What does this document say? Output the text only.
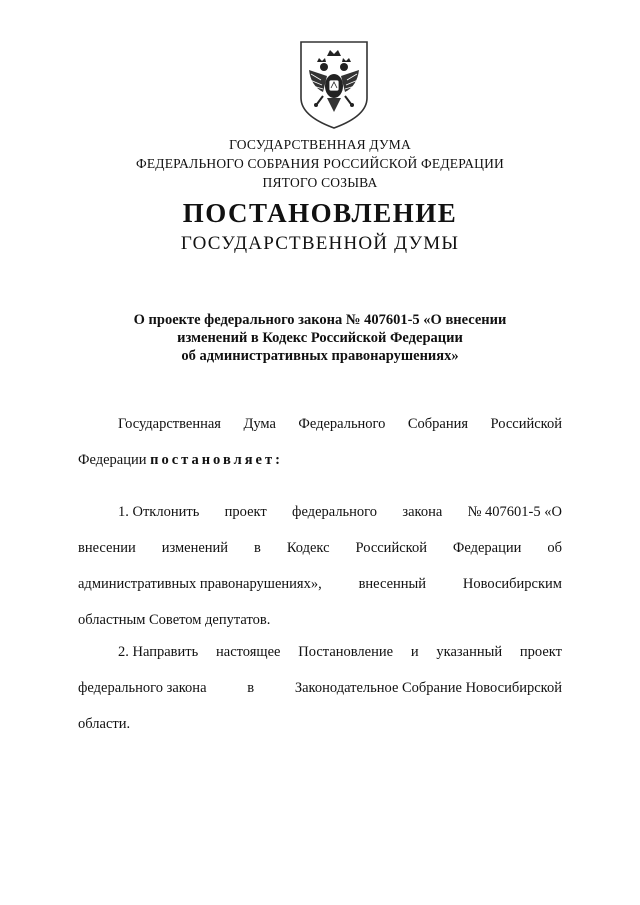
ГОСУДАРСТВЕННАЯ ДУМА
ФЕДЕРАЛЬНОГО СОБРАНИЯ РОССИЙСКОЙ ФЕДЕРАЦИИ
ПЯТОГО СОЗЫВА
ПОСТАНОВЛЕНИЕ
ГОСУДАРСТВЕННОЙ ДУМЫ
О проекте федерального закона № 407601-5 «О внесении
изменений в Кодекс Российской Федерации
об административных правонарушениях»
Государственная Дума Федерального Собрания Российской
Федерации постановляет:
1. Отклонить проект федерального закона № 407601-5 «О
внесении изменений в Кодекс Российской Федерации об
административных правонарушениях»,	внесенный	Новосибирским
областным Советом депутатов.
2. Направить настоящее Постановление и указанный проект
федерального закона	в	Законодательное Собрание Новосибирской
области.
